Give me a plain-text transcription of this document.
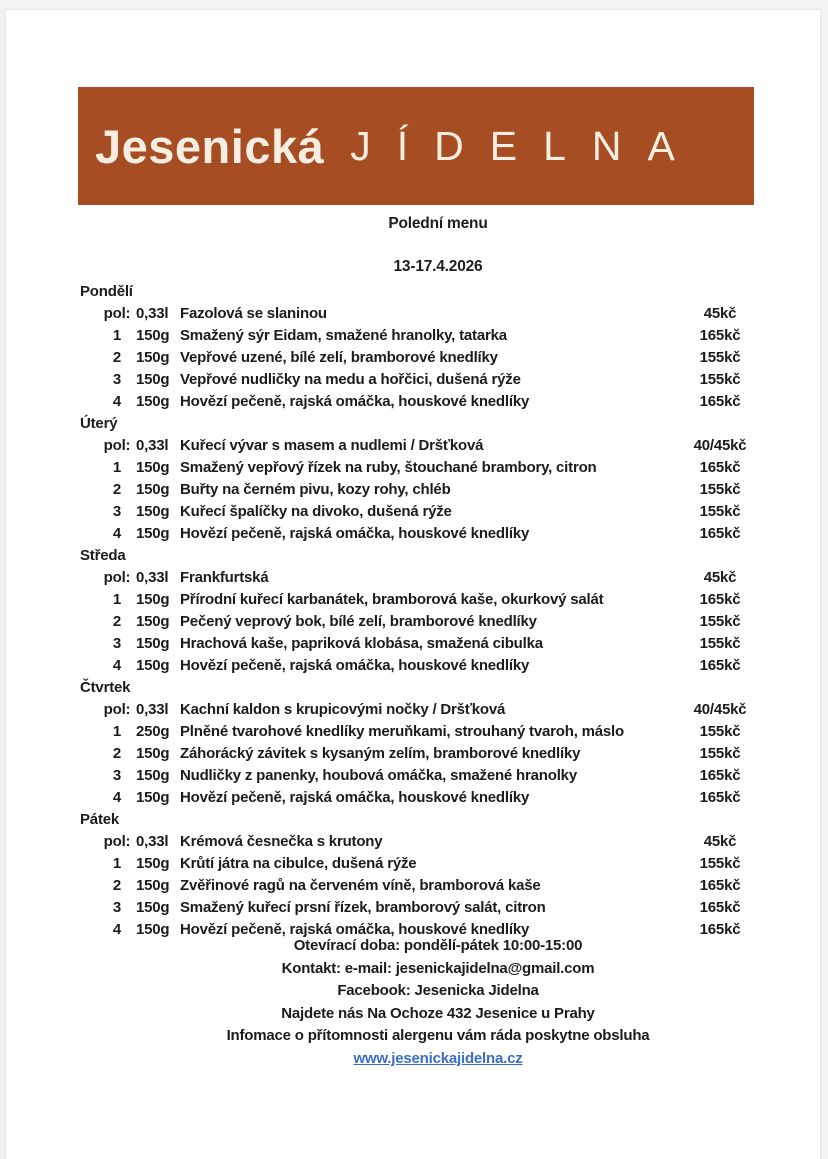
Jesenická JÍDELNA
Polední menu
13-17.4.2026
Pondělí
pol: 0,33l Fazolová se slaninou	45kč
1 150g Smažený sýr Eidam, smažené hranolky, tatarka	165kč
2 150g Vepřové uzené, bílé zelí, bramborové knedlíky	155kč
3 150g Vepřové nudličky na medu a hořčici, dušená rýže	155kč
4 150g Hovězí pečeně, rajská omáčka, houskové knedlíky	165kč
Úterý
pol: 0,33l Kuřecí vývar s masem a nudlemi / Dršťková	40/45kč
1 150g Smažený vepřový řízek na ruby, štouchané brambory, citron	165kč
2 150g Buřty na černém pivu, kozy rohy, chléb	155kč
3 150g Kuřecí špalíčky na divoko, dušená rýže	155kč
4 150g Hovězí pečeně, rajská omáčka, houskové knedlíky	165kč
Středa
pol: 0,33l Frankfurtská	45kč
1 150g Přírodní kuřecí karbanátek, bramborová kaše, okurkový salát	165kč
2 150g Pečený veprový bok, bílé zelí, bramborové knedlíky	155kč
3 150g Hrachová kaše, papriková klobása, smažená cibulka	155kč
4 150g Hovězí pečeně, rajská omáčka, houskové knedlíky	165kč
Čtvrtek
pol: 0,33l Kachní kaldon s krupicovými nočky / Dršťková	40/45kč
1 250g Plněné tvarohové knedlíky meruňkami, strouhaný tvaroh, máslo	155kč
2 150g Záhorácký závitek s kysaným zelím, bramborové knedlíky	155kč
3 150g Nudličky z panenky, houbová omáčka, smažené hranolky	165kč
4 150g Hovězí pečeně, rajská omáčka, houskové knedlíky	165kč
Pátek
pol: 0,33l Krémová česnečka s krutony	45kč
1 150g Krůtí játra na cibulce, dušená rýže	155kč
2 150g Zvěřinové ragů na červeném víně, bramborová kaše	165kč
3 150g Smažený kuřecí prsní řízek, bramborový salát, citron	165kč
4 150g Hovězí pečeně, rajská omáčka, houskové knedlíky	165kč
Otevírací doba: pondělí-pátek 10:00-15:00
Kontakt: e-mail: jesenickajidelna@gmail.com
Facebook: Jesenicka Jidelna
Najdete nás Na Ochoze 432 Jesenice u Prahy
Infomace o přítomnosti alergenu vám ráda poskytne obsluha
www.jesenickajidelna.cz
